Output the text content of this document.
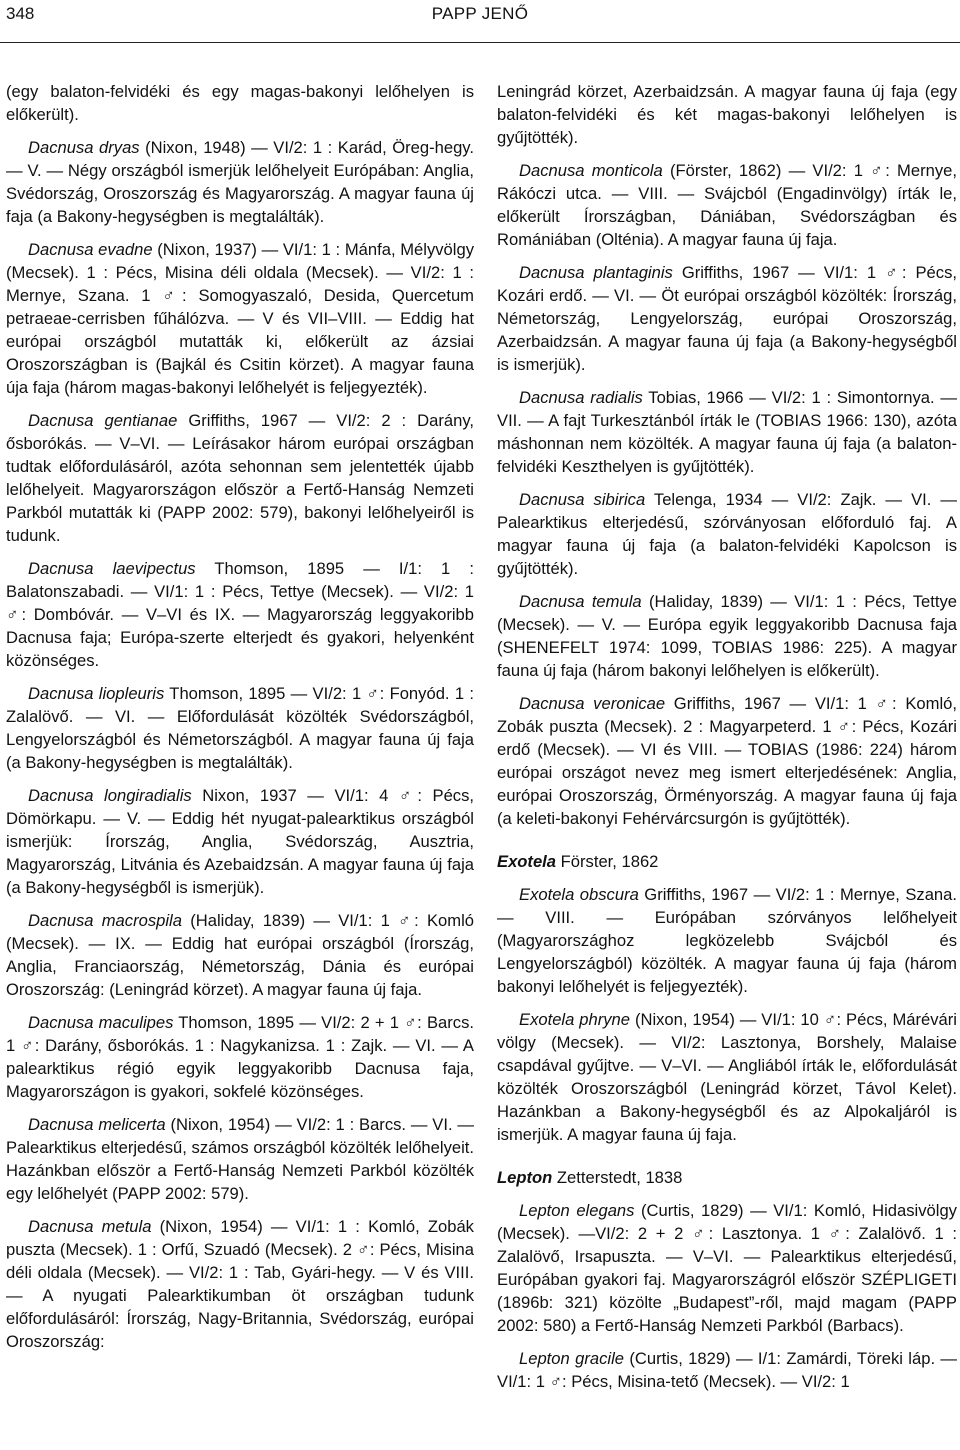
348	PAPP JENŐ

(egy balaton-felvidéki és egy magas-bakonyi lelőhelyen is előkerült).

Dacnusa dryas (Nixon, 1948) — VI/2: 1 : Karád, Öreg-hegy. — V. — Négy országból ismerjük lelőhelyeit Európában: Anglia, Svédország, Oroszország és Magyarország. A magyar fauna új faja (a Bakony-hegységben is megtalálták).

Dacnusa evadne (Nixon, 1937) — VI/1: 1 : Mánfa, Mélyvölgy (Mecsek). 1 : Pécs, Misina déli oldala (Mecsek). — VI/2: 1 : Mernye, Szana. 1 ♂: Somogyaszaló, Desida, Quercetum petraeae-cerrisben fűhálózva. — V és VII–VIII. — Eddig hat európai országból mutatták ki, előkerült az ázsiai Oroszországban is (Bajkál és Csitin körzet). A magyar fauna úja faja (három magas-bakonyi lelőhelyét is feljegyezték).

Dacnusa gentianae Griffiths, 1967 — VI/2: 2 : Darány, ősborókás. — V–VI. — Leírásakor három európai országban tudtak előfordulásáról, azóta sehonnan sem jelentették újabb lelőhelyeit. Magyarországon először a Fertő-Hanság Nemzeti Parkból mutatták ki (PAPP 2002: 579), bakonyi lelőhelyeiről is tudunk.

Dacnusa laevipectus Thomson, 1895 — I/1: 1 : Balatonszabadi. — VI/1: 1 : Pécs, Tettye (Mecsek). — VI/2: 1 ♂: Dombóvár. — V–VI és IX. — Magyarország leggyakoribb Dacnusa faja; Európa-szerte elterjedt és gyakori, helyenként közönséges.

Dacnusa liopleuris Thomson, 1895 — VI/2: 1 ♂: Fonyód. 1 : Zalalövő. — VI. — Előfordulását közölték Svédországból, Lengyelországból és Németországból. A magyar fauna új faja (a Bakony-hegységben is megtalálták).

Dacnusa longiradialis Nixon, 1937 — VI/1: 4 ♂: Pécs, Dömörkapu. — V. — Eddig hét nyugat-palearktikus országból ismerjük: Írország, Anglia, Svédország, Ausztria, Magyarország, Litvánia és Azebaidzsán. A magyar fauna új faja (a Bakony-hegységből is ismerjük).

Dacnusa macrospila (Haliday, 1839) — VI/1: 1 ♂: Komló (Mecsek). — IX. — Eddig hat európai országból (Írország, Anglia, Franciaország, Németország, Dánia és európai Oroszország: (Leningrád körzet). A magyar fauna új faja.

Dacnusa maculipes Thomson, 1895 — VI/2: 2 + 1 ♂: Barcs. 1 ♂: Darány, ősborókás. 1 : Nagykanizsa. 1 : Zajk. — VI. — A palearktikus régió egyik leggyakoribb Dacnusa faja, Magyarországon is gyakori, sokfelé közönséges.

Dacnusa melicerta (Nixon, 1954) — VI/2: 1 : Barcs. — VI. — Palearktikus elterjedésű, számos országból közölték lelőhelyeit. Hazánkban először a Fertő-Hanság Nemzeti Parkból közölték egy lelőhelyét (PAPP 2002: 579).

Dacnusa metula (Nixon, 1954) — VI/1: 1 : Komló, Zobák puszta (Mecsek). 1 : Orfű, Szuadó (Mecsek). 2 ♂: Pécs, Misina déli oldala (Mecsek). — VI/2: 1 : Tab, Gyári-hegy. — V és VIII. — A nyugati Palearktikumban öt országban tudunk előfordulásáról: Írország, Nagy-Britannia, Svédország, európai Oroszország:

Leningrád körzet, Azerbaidzsán. A magyar fauna új faja (egy balaton-felvidéki és két magas-bakonyi lelőhelyen is gyűjtötték).

Dacnusa monticola (Förster, 1862) — VI/2: 1 ♂: Mernye, Rákóczi utca. — VIII. — Svájcból (Engadinvölgy) írták le, előkerült Írországban, Dániában, Svédországban és Romániában (Olténia). A magyar fauna új faja.

Dacnusa plantaginis Griffiths, 1967 — VI/1: 1 ♂: Pécs, Kozári erdő. — VI. — Öt európai országból közölték: Írország, Németország, Lengyelország, európai Oroszország, Azerbaidzsán. A magyar fauna új faja (a Bakony-hegységből is ismerjük).

Dacnusa radialis Tobias, 1966 — VI/2: 1 : Simontornya. — VII. — A fajt Turkesztánból írták le (TOBIAS 1966: 130), azóta máshonnan nem közölték. A magyar fauna új faja (a balaton-felvidéki Keszthelyen is gyűjtötték).

Dacnusa sibirica Telenga, 1934 — VI/2: Zajk. — VI. — Palearktikus elterjedésű, szórványosan előforduló faj. A magyar fauna új faja (a balaton-felvidéki Kapolcson is gyűjtötték).

Dacnusa temula (Haliday, 1839) — VI/1: 1 : Pécs, Tettye (Mecsek). — V. — Európa egyik leggyakoribb Dacnusa faja (SHENEFELT 1974: 1099, TOBIAS 1986: 225). A magyar fauna új faja (három bakonyi lelőhelyen is előkerült).

Dacnusa veronicae Griffiths, 1967 — VI/1: 1 ♂: Komló, Zobák puszta (Mecsek). 2 : Magyarpeterd. 1 ♂: Pécs, Kozári erdő (Mecsek). — VI és VIII. — TOBIAS (1986: 224) három európai országot nevez meg ismert elterjedésének: Anglia, európai Oroszország, Örményország. A magyar fauna új faja (a keleti-bakonyi Fehérvárcsurgón is gyűjtötték).

Exotela Förster, 1862

Exotela obscura Griffiths, 1967 — VI/2: 1 : Mernye, Szana. — VIII. — Európában szórványos lelőhelyeit (Magyarországhoz legközelebb Svájcból és Lengyelországból) közölték. A magyar fauna új faja (három bakonyi lelőhelyét is feljegyezték).

Exotela phryne (Nixon, 1954) — VI/1: 10 ♂: Pécs, Márévári völgy (Mecsek). — VI/2: Lasztonya, Borshely, Malaise csapdával gyűjtve. — V–VI. — Angliából írták le, előfordulását közölték Oroszországból (Leningrád körzet, Távol Kelet). Hazánkban a Bakony-hegységből és az Alpokaljáról is ismerjük. A magyar fauna új faja.

Lepton Zetterstedt, 1838

Lepton elegans (Curtis, 1829) — VI/1: Komló, Hidasivölgy (Mecsek). —VI/2: 2 + 2 ♂: Lasztonya. 1 ♂: Zalalövő. 1 : Zalalövő, Irsapuszta. — V–VI. — Palearktikus elterjedésű, Európában gyakori faj. Magyarországról először SZÉPLIGETI (1896b: 321) közölte „Budapest”-ről, majd magam (PAPP 2002: 580) a Fertő-Hanság Nemzeti Parkból (Barbacs).

Lepton gracile (Curtis, 1829) — I/1: Zamárdi, Töreki láp. — VI/1: 1 ♂: Pécs, Misina-tető (Mecsek). — VI/2: 1
